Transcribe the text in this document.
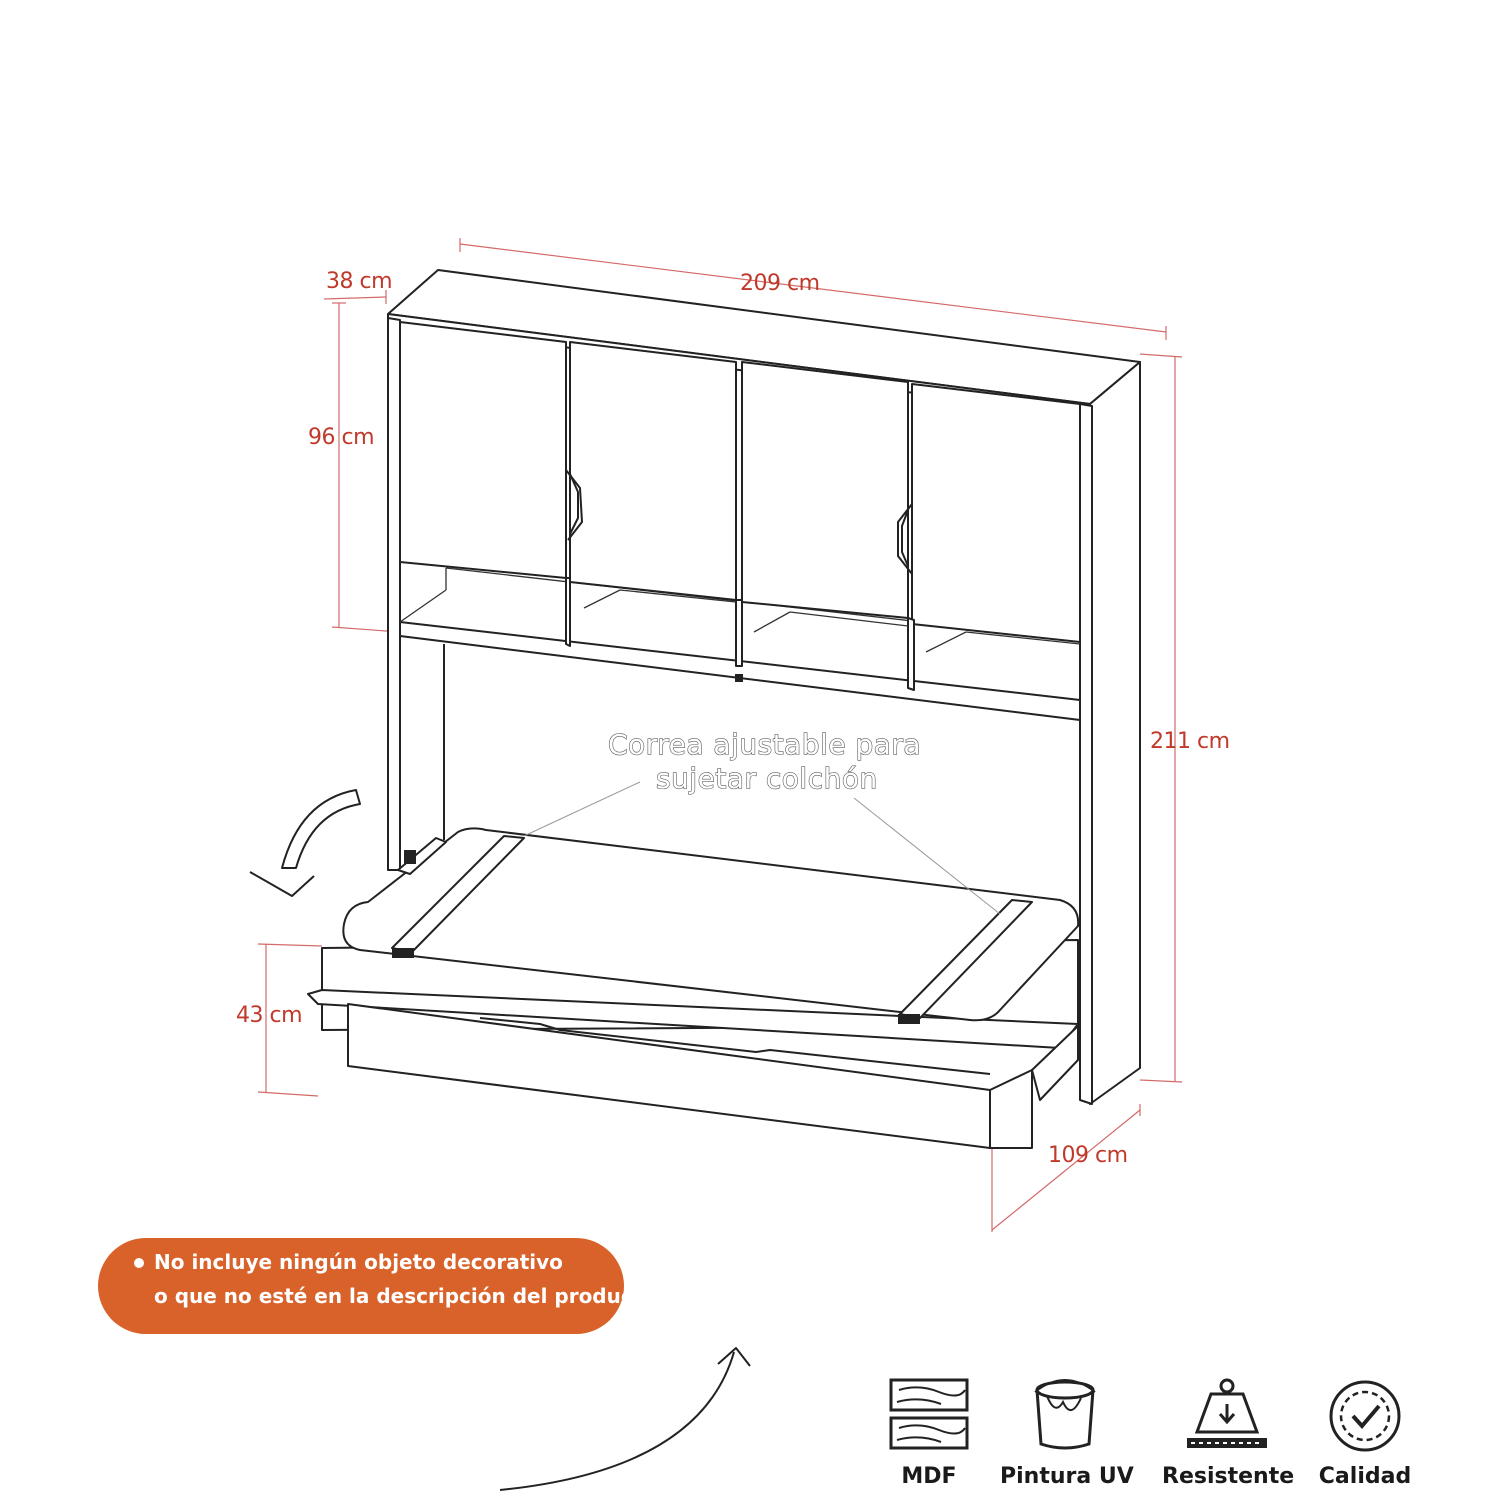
38 cm	209 cm
96 cm
211 cm
43 cm
109 cm
Correa ajustable para
sujetar colchón
No incluye ningún objeto decorativo
o que no esté en la descripción del producto.
MDF	Pintura UV Resistente	Calidad
